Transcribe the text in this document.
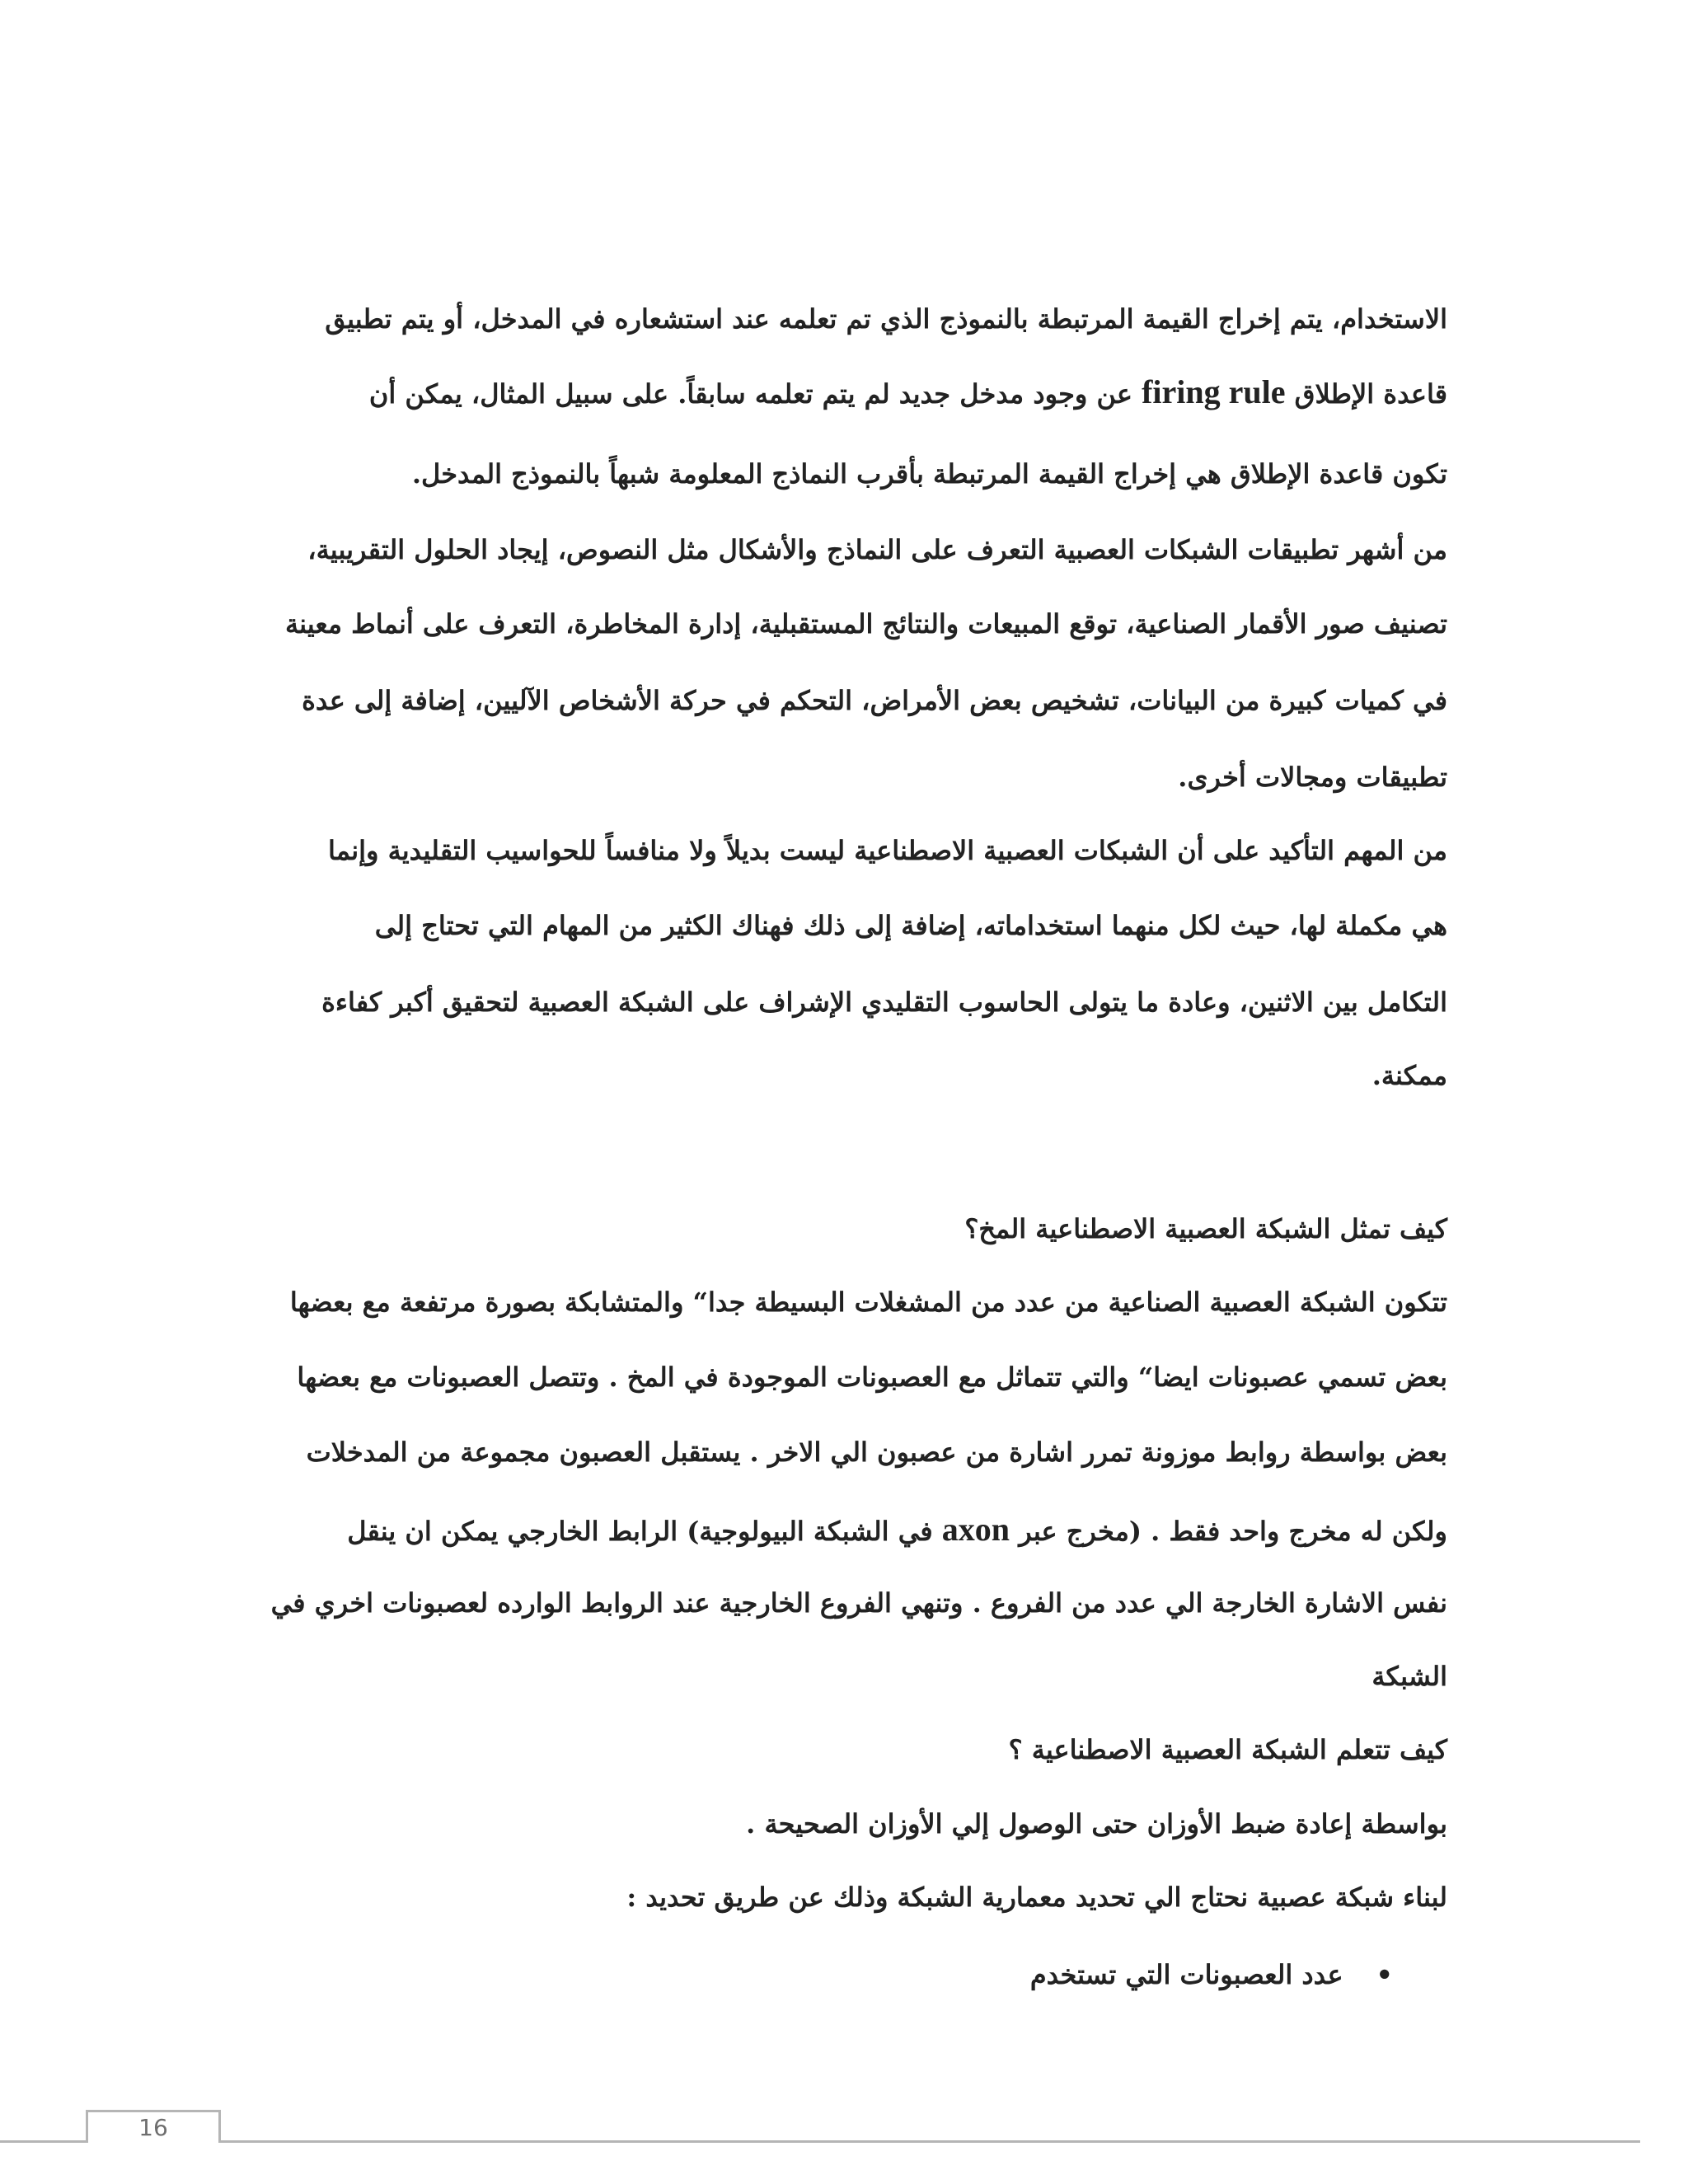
الاستخدام، يتم إخراج القيمة المرتبطة بالنموذج الذي تم تعلمه عند استشعاره في المدخل، أو يتم تطبيق
قاعدة الإطلاق firing rule عن وجود مدخل جديد لم يتم تعلمه سابقاً. على سبيل المثال، يمكن أن
تكون قاعدة الإطلاق هي إخراج القيمة المرتبطة بأقرب النماذج المعلومة شبهاً بالنموذج المدخل.
من أشهر تطبيقات الشبكات العصبية التعرف على النماذج والأشكال مثل النصوص، إيجاد الحلول التقريبية،
تصنيف صور الأقمار الصناعية، توقع المبيعات والنتائج المستقبلية، إدارة المخاطرة، التعرف على أنماط معينة
في كميات كبيرة من البيانات، تشخيص بعض الأمراض، التحكم في حركة الأشخاص الآليين، إضافة إلى عدة
تطبيقات ومجالات أخرى.
من المهم التأكيد على أن الشبكات العصبية الاصطناعية ليست بديلاً ولا منافساً للحواسيب التقليدية وإنما
هي مكملة لها، حيث لكل منهما استخداماته، إضافة إلى ذلك فهناك الكثير من المهام التي تحتاج إلى
التكامل بين الاثنين، وعادة ما يتولى الحاسوب التقليدي الإشراف على الشبكة العصبية لتحقيق أكبر كفاءة
ممكنة.
كيف تمثل الشبكة العصبية الاصطناعية المخ؟
تتكون الشبكة العصبية الصناعية من عدد من المشغلات البسيطة جدا“ والمتشابكة بصورة مرتفعة مع بعضها
بعض تسمي عصبونات ايضا“ والتي تتماثل مع العصبونات الموجودة في المخ . وتتصل العصبونات مع بعضها
بعض بواسطة روابط موزونة تمرر اشارة من عصبون الي الاخر . يستقبل العصبون مجموعة من المدخلات
ولكن له مخرج واحد فقط . (مخرج عبر axon في الشبكة البيولوجية) الرابط الخارجي يمكن ان ينقل
نفس الاشارة الخارجة الي عدد من الفروع . وتنهي الفروع الخارجية عند الروابط الوارده لعصبونات اخري في
الشبكة
كيف تتعلم الشبكة العصبية الاصطناعية ؟
بواسطة إعادة ضبط الأوزان حتى الوصول إلي الأوزان الصحيحة .
لبناء شبكة عصبية نحتاج الي تحديد معمارية الشبكة وذلك عن طريق تحديد :
•عدد العصبونات التي تستخدم
16
